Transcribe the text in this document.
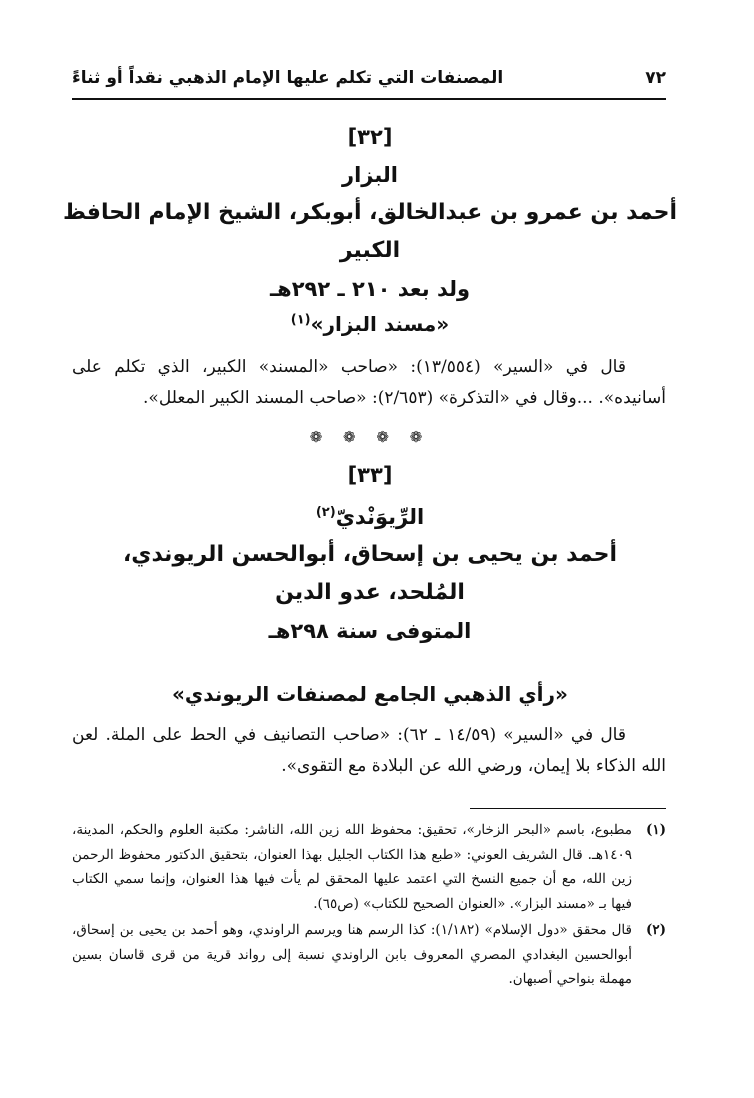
٧٢
المصنفات التي تكلم عليها الإمام الذهبي نقداً أو ثناءً
[٣٢]
البزار
أحمد بن عمرو بن عبدالخالق، أبوبكر، الشيخ الإمام الحافظ الكبير
ولد بعد ٢١٠ ـ ٢٩٢هـ
«مسند البزار»$^{(١)}$

قال في «السير» (١٣/٥٥٤): «صاحب «المسند» الكبير، الذي تكلم على أسانيده». ...وقال في «التذكرة» (٢/٦٥٣): «صاحب المسند الكبير المعلل».

❁ ❁ ❁ ❁
[٣٣]
الرِّيوَنْديّ$^{(٢)}$
أحمد بن يحيى بن إسحاق، أبوالحسن الريوندي،
المُلحد، عدو الدين
المتوفى سنة ٢٩٨هـ
«رأي الذهبي الجامع لمصنفات الريوندي»

قال في «السير» (١٤/٥٩ ـ ٦٢): «صاحب التصانيف في الحط على الملة. لعن الله الذكاء بلا إيمان، ورضي الله عن البلادة مع التقوى».

(١)
مطبوع، باسم «البحر الزخار»، تحقيق: محفوظ الله زين الله، الناشر: مكتبة العلوم والحكم، المدينة، ١٤٠٩هـ. قال الشريف العوني: «طبع هذا الكتاب الجليل بهذا العنوان، بتحقيق الدكتور محفوظ الرحمن زين الله، مع أن جميع النسخ التي اعتمد عليها المحقق لم يأت فيها هذا العنوان، وإنما سمي الكتاب فيها بـ «مسند البزار». «العنوان الصحيح للكتاب» (ص٦٥).
(٢)
قال محقق «دول الإسلام» (١/١٨٢): كذا الرسم هنا ويرسم الراوندي، وهو أحمد بن يحيى بن إسحاق، أبوالحسين البغدادي المصري المعروف بابن الراوندي نسبة إلى رواند قرية من قرى قاسان بسين مهملة بنواحي أصبهان.
